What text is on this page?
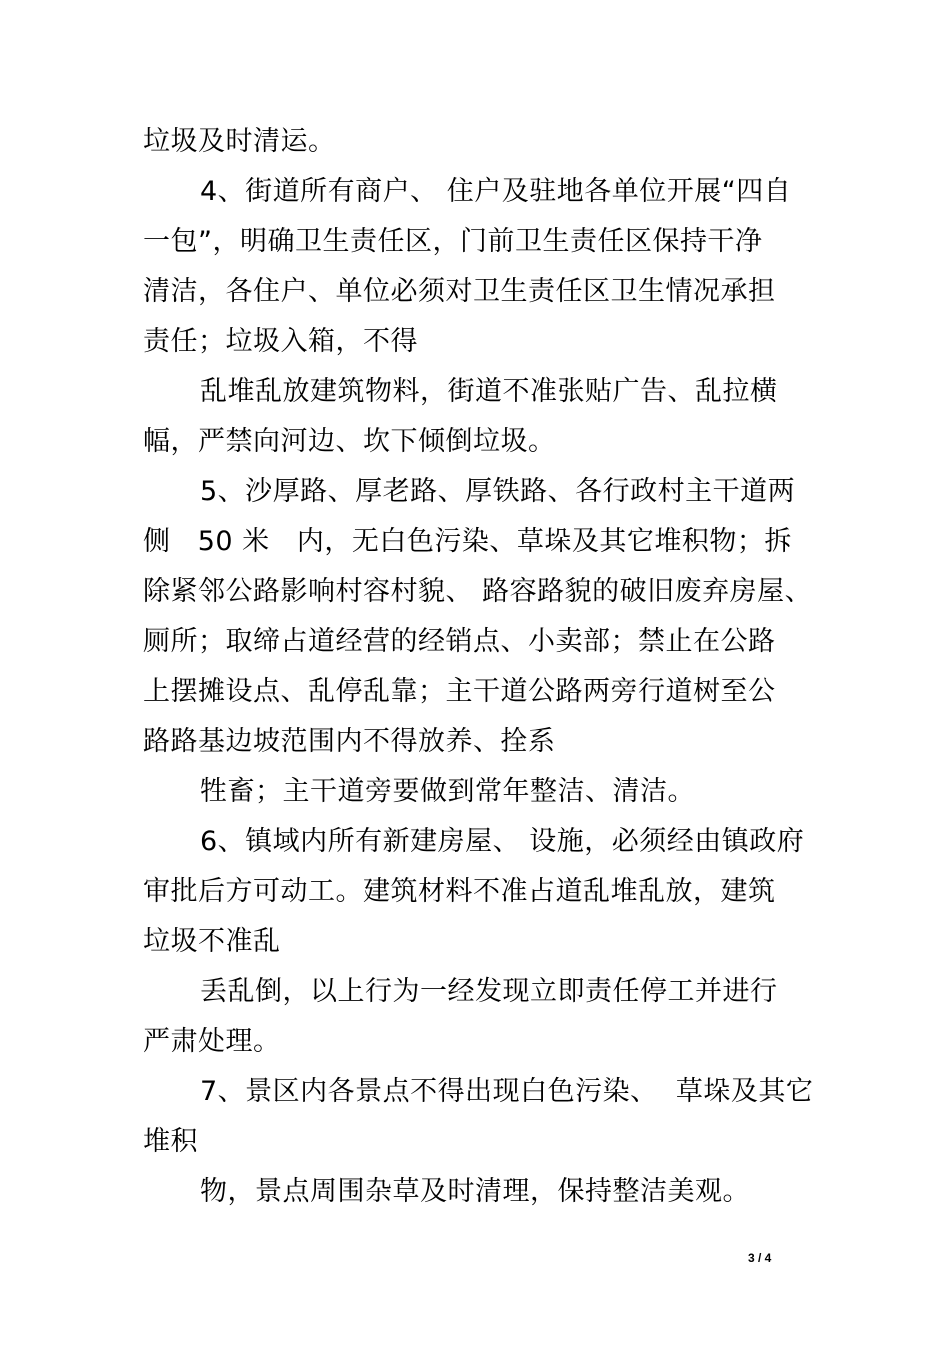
垃圾及时清运。
4、街道所有商户、 住户及驻地各单位开展“四自
一包”，明确卫生责任区，门前卫生责任区保持干净
清洁，各住户、单位必须对卫生责任区卫生情况承担
责任；垃圾入箱，不得
乱堆乱放建筑物料，街道不准张贴广告、乱拉横
幅，严禁向河边、坎下倾倒垃圾。
5、沙厚路、厚老路、厚铁路、各行政村主干道两
侧   50 米   内，无白色污染、草垛及其它堆积物；拆
除紧邻公路影响村容村貌、 路容路貌的破旧废弃房屋、
厕所；取缔占道经营的经销点、小卖部；禁止在公路
上摆摊设点、乱停乱靠；主干道公路两旁行道树至公
路路基边坡范围内不得放养、拴系
牲畜；主干道旁要做到常年整洁、清洁。
6、镇域内所有新建房屋、 设施，必须经由镇政府
审批后方可动工。建筑材料不准占道乱堆乱放，建筑
垃圾不准乱
丢乱倒，以上行为一经发现立即责任停工并进行
严肃处理。
7、景区内各景点不得出现白色污染、  草垛及其它
堆积
物，景点周围杂草及时清理，保持整洁美观。
3 / 4
